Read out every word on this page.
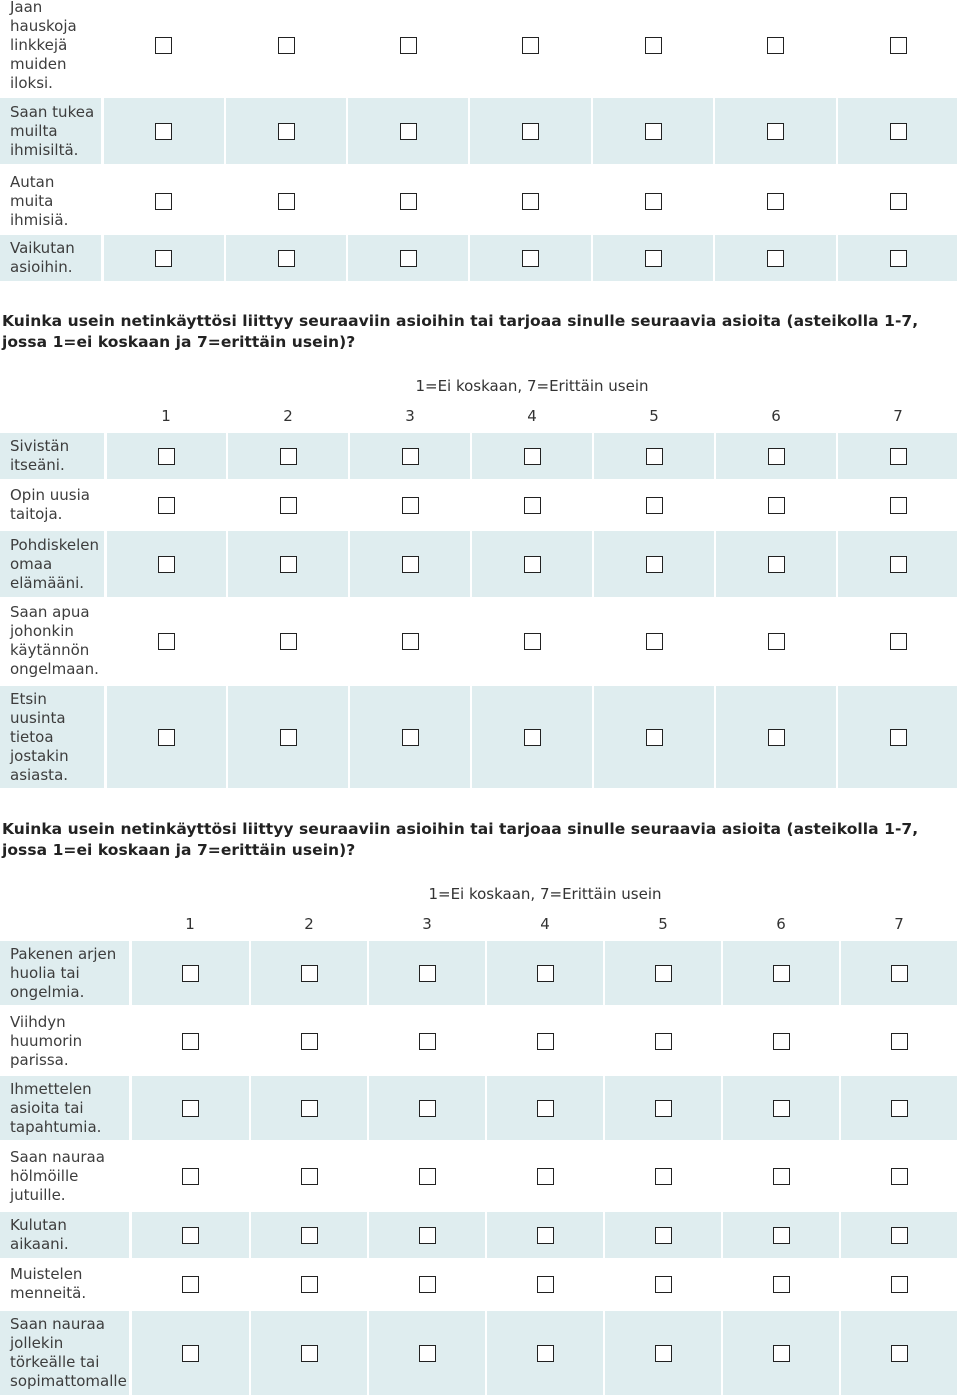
Jaan hauskoja linkkejä muiden iloksi.
Saan tukea muilta ihmisiltä.
Autan muita ihmisiä.
Vaikutan asioihin.
Kuinka usein netinkäyttösi liittyy seuraaviin asioihin tai tarjoaa sinulle seuraavia asioita (asteikolla 1-7, jossa 1=ei koskaan ja 7=erittäin usein)?
1=Ei koskaan, 7=Erittäin usein
1	2	3	4	5	6	7
Sivistän itseäni.
Opin uusia taitoja.
Pohdiskelen omaa elämääni.
Saan apua johonkin käytännön ongelmaan.
Etsin uusinta tietoa jostakin asiasta.
Kuinka usein netinkäyttösi liittyy seuraaviin asioihin tai tarjoaa sinulle seuraavia asioita (asteikolla 1-7, jossa 1=ei koskaan ja 7=erittäin usein)?
1=Ei koskaan, 7=Erittäin usein
1	2	3	4	5	6	7
Pakenen arjen huolia tai ongelmia.
Viihdyn huumorin parissa.
Ihmettelen asioita tai tapahtumia.
Saan nauraa hölmöille jutuille.
Kulutan aikaani.
Muistelen menneitä.
Saan nauraa jollekin törkeälle tai sopimattomalle
